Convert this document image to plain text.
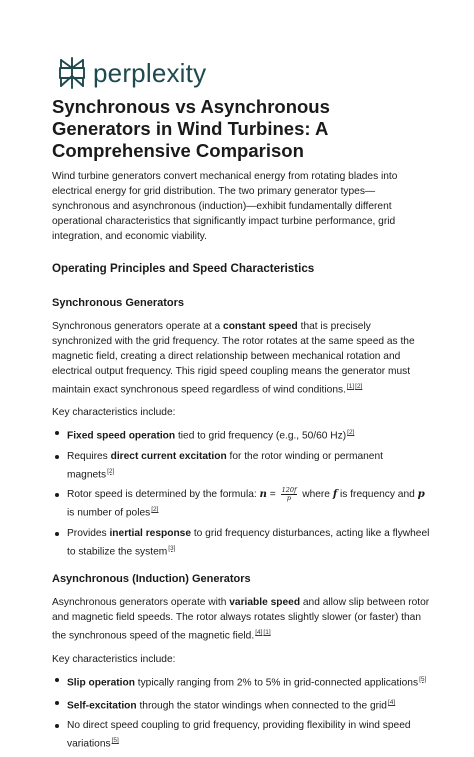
perplexity
Synchronous vs Asynchronous Generators in Wind Turbines: A Comprehensive Comparison

Wind turbine generators convert mechanical energy from rotating blades into electrical energy for grid distribution. The two primary generator types—synchronous and asynchronous (induction)—exhibit fundamentally different operational characteristics that significantly impact turbine performance, grid integration, and economic viability.

Operating Principles and Speed Characteristics
Synchronous Generators

Synchronous generators operate at a constant speed that is precisely synchronized with the grid frequency. The rotor rotates at the same speed as the magnetic field, creating a direct relationship between mechanical rotation and electrical output frequency. This rigid speed coupling means the generator must maintain exact synchronous speed regardless of wind conditions.[1][2]

Key characteristics include:

Fixed speed operation tied to grid frequency (e.g., 50/60 Hz)[2]
Requires direct current excitation for the rotor winding or permanent magnets[2]
Rotor speed is determined by the formula: $n = \frac{120f}{p}$ where f is frequency and p is number of poles[2]
Provides inertial response to grid frequency disturbances, acting like a flywheel to stabilize the system[3]
Asynchronous (Induction) Generators

Asynchronous generators operate with variable speed and allow slip between rotor and magnetic field speeds. The rotor always rotates slightly slower (or faster) than the synchronous speed of the magnetic field.[4][1]

Key characteristics include:

Slip operation typically ranging from 2% to 5% in grid-connected applications[5]
Self-excitation through the stator windings when connected to the grid[4]
No direct speed coupling to grid frequency, providing flexibility in wind speed variations[5]
